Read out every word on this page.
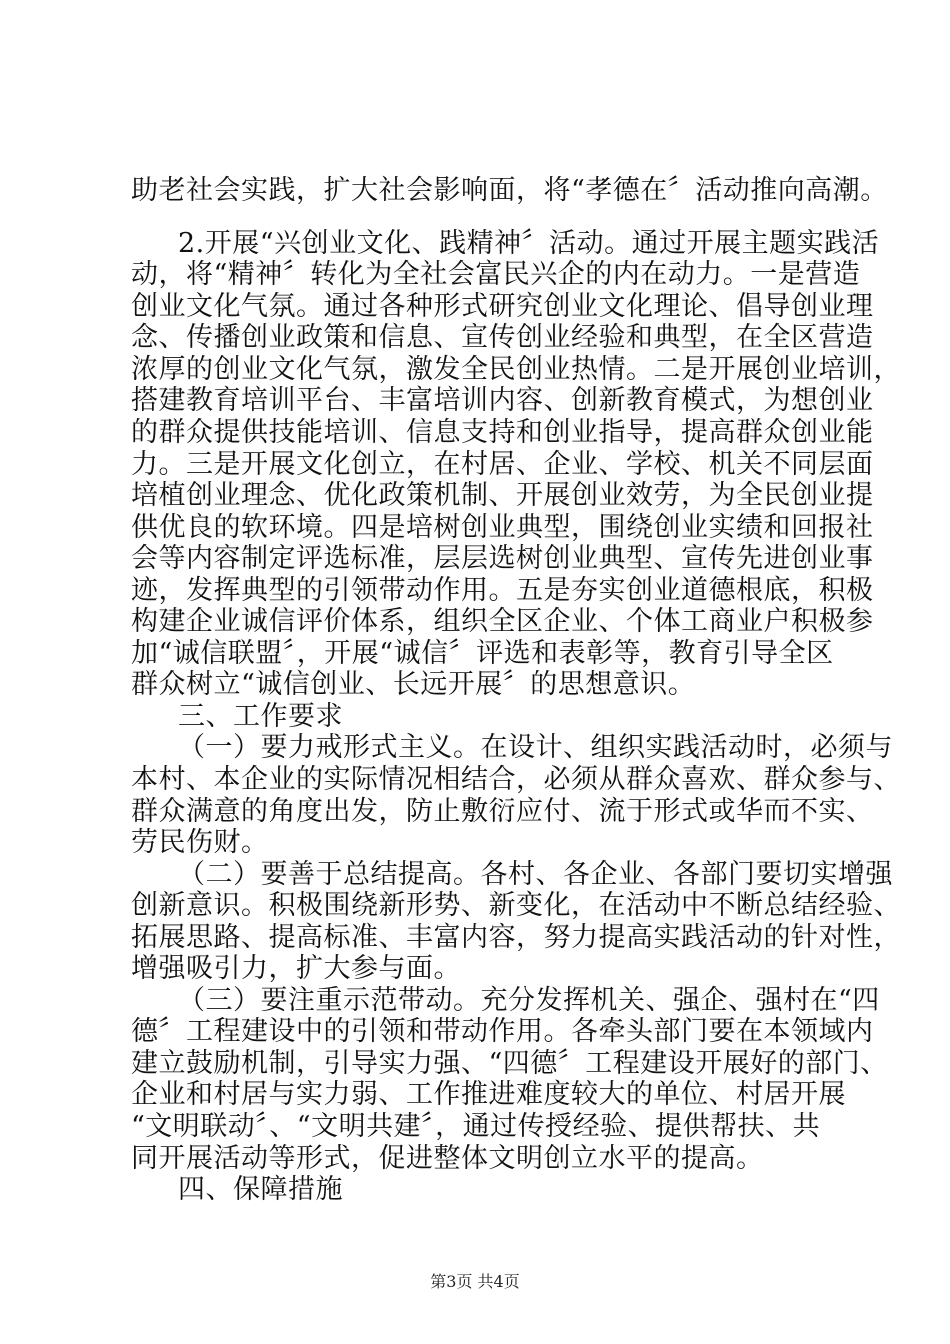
助老社会实践，扩大社会影响面，将“孝德在〞活动推向高潮。

2.开展“兴创业文化、践精神〞活动。通过开展主题实践活

动，将“精神〞转化为全社会富民兴企的内在动力。一是营造

创业文化气氛。通过各种形式研究创业文化理论、倡导创业理

念、传播创业政策和信息、宣传创业经验和典型，在全区营造

浓厚的创业文化气氛，激发全民创业热情。二是开展创业培训，

搭建教育培训平台、丰富培训内容、创新教育模式，为想创业

的群众提供技能培训、信息支持和创业指导，提高群众创业能

力。三是开展文化创立，在村居、企业、学校、机关不同层面

培植创业理念、优化政策机制、开展创业效劳，为全民创业提

供优良的软环境。四是培树创业典型，围绕创业实绩和回报社

会等内容制定评选标准，层层选树创业典型、宣传先进创业事

迹，发挥典型的引领带动作用。五是夯实创业道德根底，积极

构建企业诚信评价体系，组织全区企业、个体工商业户积极参

加“诚信联盟〞，开展“诚信〞评选和表彰等，教育引导全区

群众树立“诚信创业、长远开展〞的思想意识。

三、工作要求

（一）要力戒形式主义。在设计、组织实践活动时，必须与

本村、本企业的实际情况相结合，必须从群众喜欢、群众参与、

群众满意的角度出发，防止敷衍应付、流于形式或华而不实、

劳民伤财。

（二）要善于总结提高。各村、各企业、各部门要切实增强

创新意识。积极围绕新形势、新变化，在活动中不断总结经验、

拓展思路、提高标准、丰富内容，努力提高实践活动的针对性，

增强吸引力，扩大参与面。

（三）要注重示范带动。充分发挥机关、强企、强村在“四

德〞工程建设中的引领和带动作用。各牵头部门要在本领域内

建立鼓励机制，引导实力强、“四德〞工程建设开展好的部门、

企业和村居与实力弱、工作推进难度较大的单位、村居开展

“文明联动〞、“文明共建〞，通过传授经验、提供帮扶、共

同开展活动等形式，促进整体文明创立水平的提高。

四、保障措施

第3页 共4页
